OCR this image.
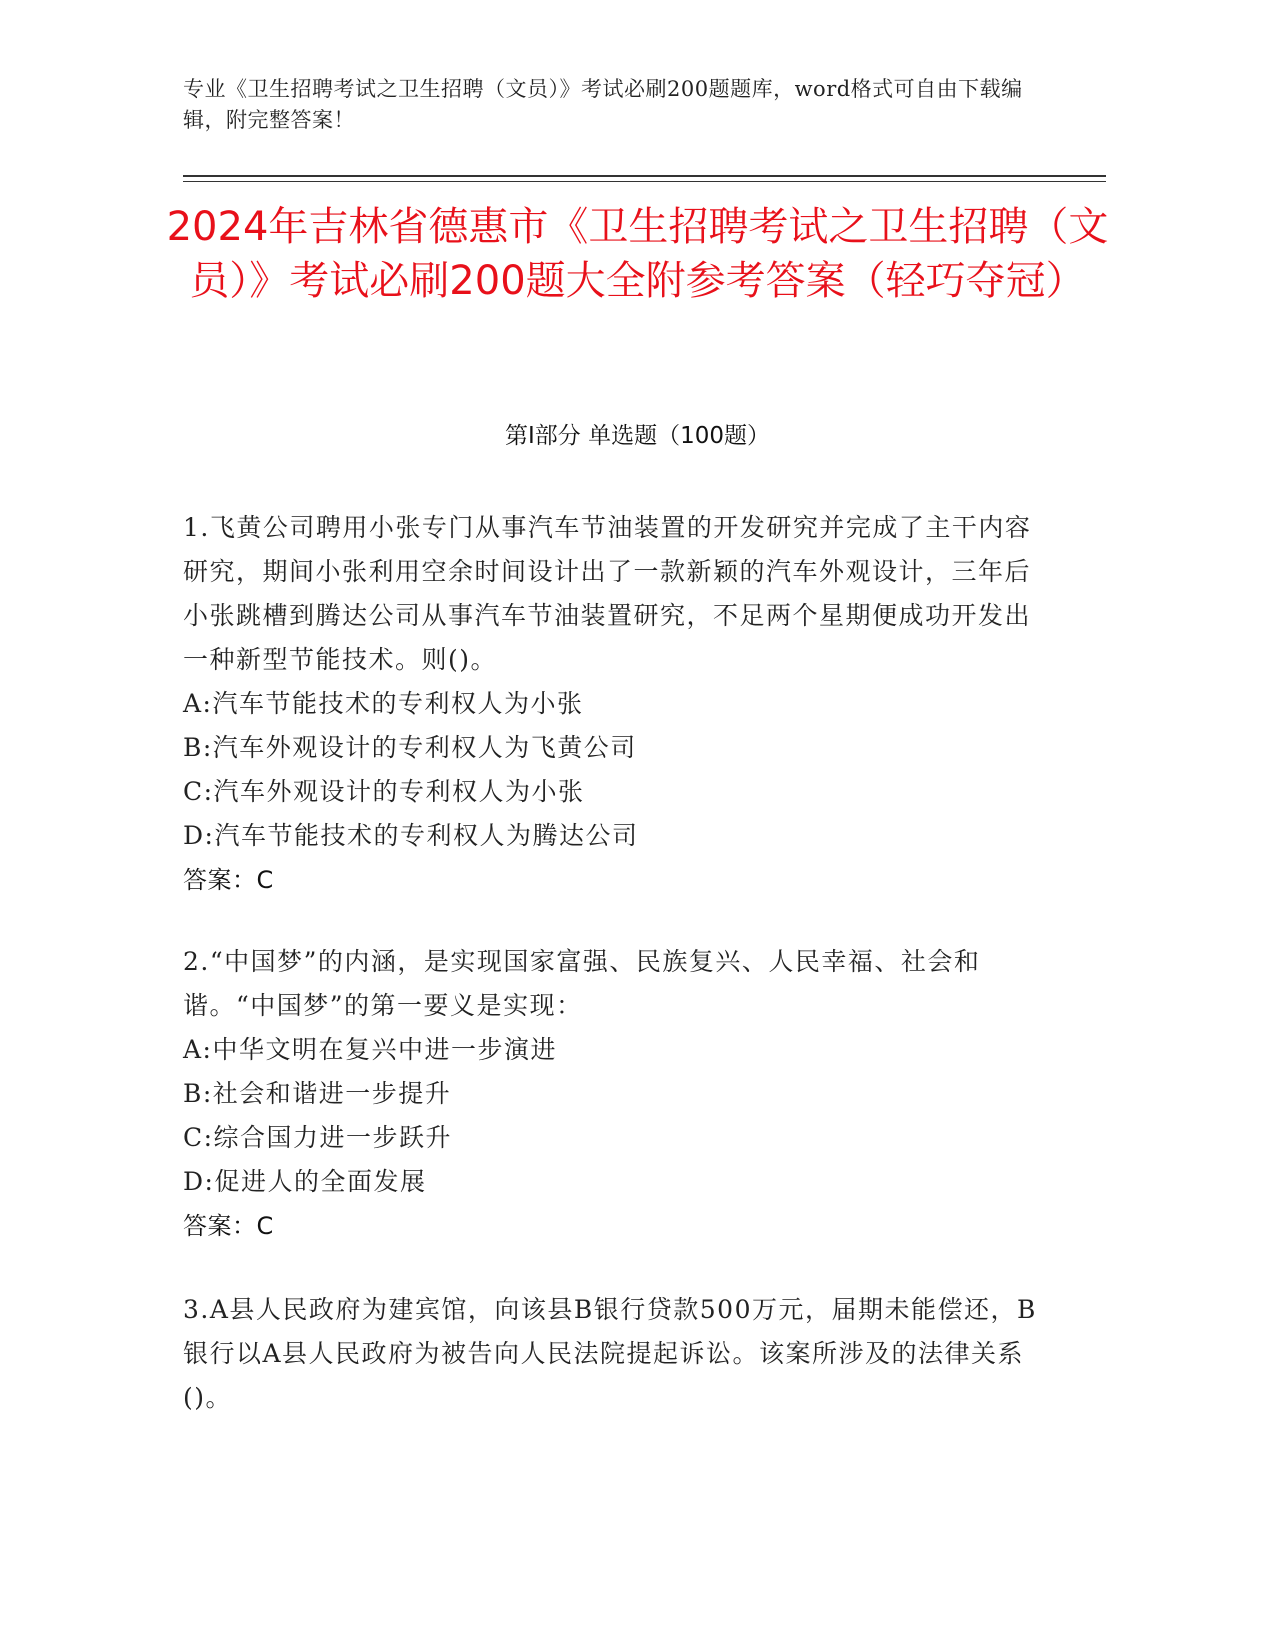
专业《卫生招聘考试之卫生招聘（文员）》考试必刷200题题库，word格式可自由下载编辑，附完整答案！
2024年吉林省德惠市《卫生招聘考试之卫生招聘（文员）》考试必刷200题大全附参考答案（轻巧夺冠）
第Ⅰ部分 单选题（100题）
1.飞黄公司聘用小张专门从事汽车节油装置的开发研究并完成了主干内容研究，期间小张利用空余时间设计出了一款新颖的汽车外观设计，三年后小张跳槽到腾达公司从事汽车节油装置研究，不足两个星期便成功开发出一种新型节能技术。则()。
A:汽车节能技术的专利权人为小张
B:汽车外观设计的专利权人为飞黄公司
C:汽车外观设计的专利权人为小张
D:汽车节能技术的专利权人为腾达公司
答案：C
2.“中国梦”的内涵，是实现国家富强、民族复兴、人民幸福、社会和谐。“中国梦”的第一要义是实现：
A:中华文明在复兴中进一步演进
B:社会和谐进一步提升
C:综合国力进一步跃升
D:促进人的全面发展
答案：C
3.A县人民政府为建宾馆，向该县B银行贷款500万元，届期未能偿还，B银行以A县人民政府为被告向人民法院提起诉讼。该案所涉及的法律关系()。
